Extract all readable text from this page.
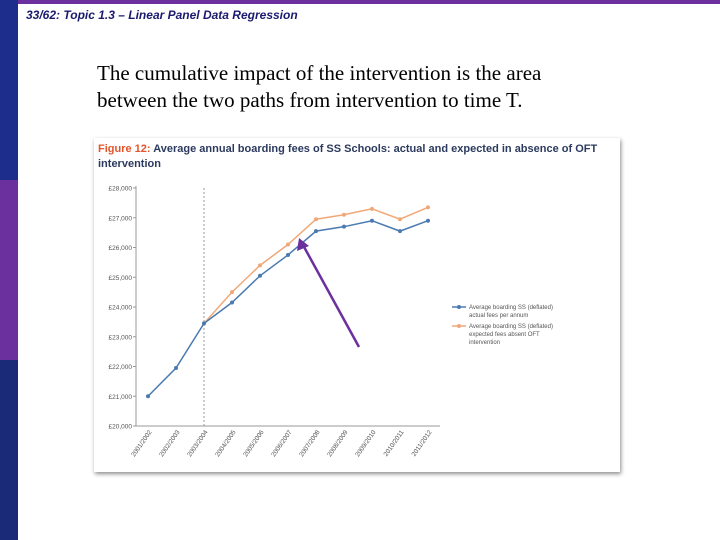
33/62: Topic 1.3 – Linear Panel Data Regression
The cumulative impact of the intervention is the area
between the two paths from intervention to time T.
Figure 12: Average annual boarding fees of SS Schools: actual and expected in absence of OFT intervention
£20,000
£21,000
£22,000
£23,000
£24,000
£25,000
£26,000
£27,000
£28,000
2001/2002 2002/2003 2003/2004 2004/2005 2005/2006 2006/2007 2007/2008 2008/2009 2009/2010 2010/2011 2011/2012
Average boarding SS (deflated)
actual fees per annum
Average boarding SS (deflated)
expected fees absent OFT
intervention
